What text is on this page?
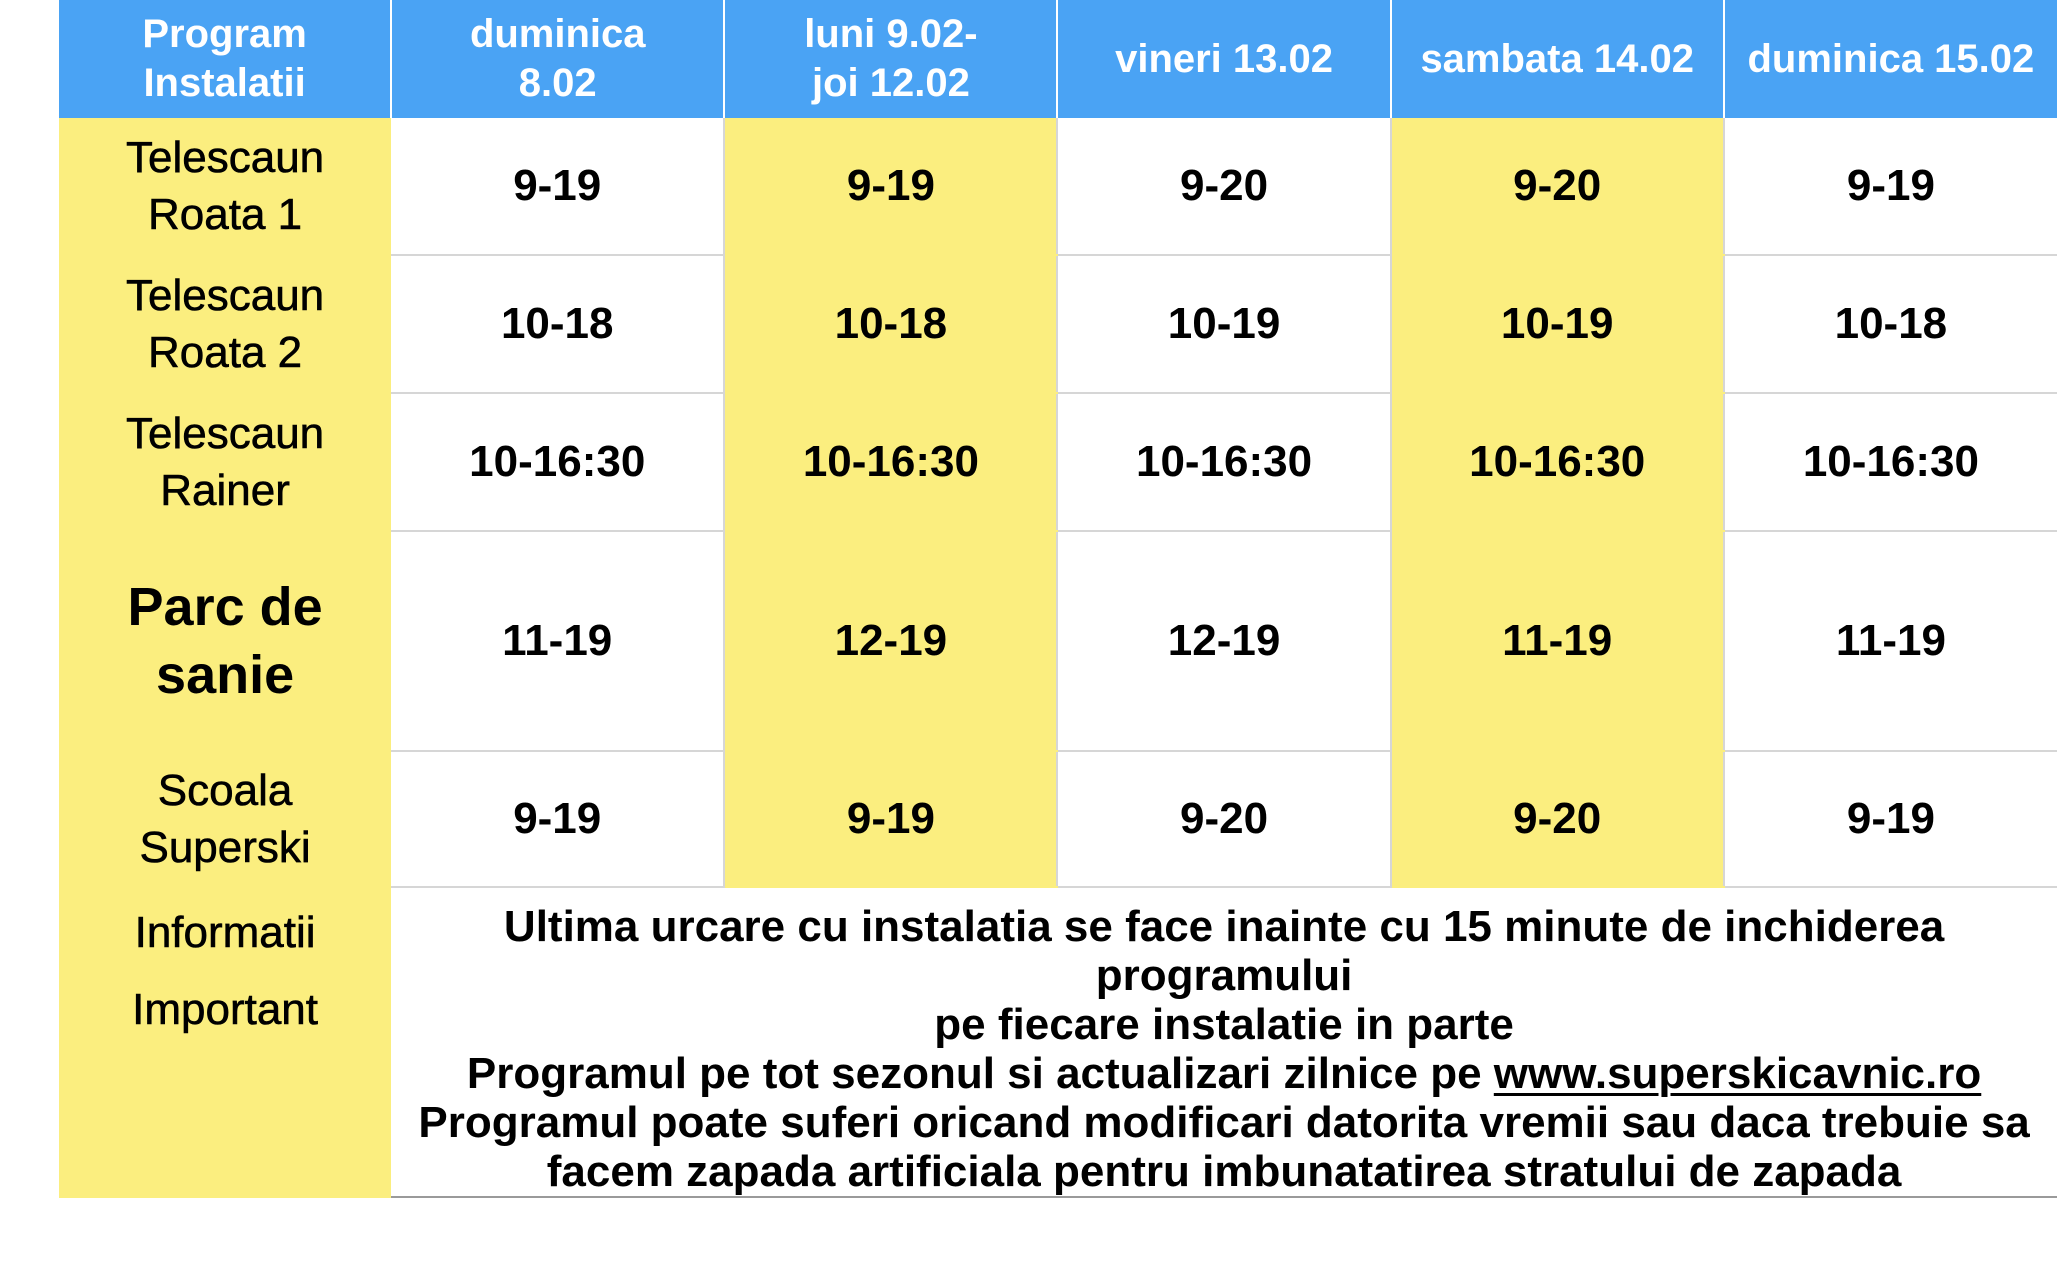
Program Instalatii	duminica 8.02	luni 9.02- joi 12.02	vineri 13.02	sambata 14.02	duminica 15.02

Telescaun
Roata 1	9-19	9-19	9-20	9-20	9-19

Telescaun
Roata 2	10-18	10-18	10-19	10-19	10-18

Telescaun
Rainer	10-16:30	10-16:30	10-16:30	10-16:30	10-16:30

Parc de
sanie	11-19	12-19	12-19	11-19	11-19

Scoala
Superski	9-19	9-19	9-20	9-20	9-19

Informatii
Important	Ultima urcare cu instalatia se face inainte cu 15 minute de inchiderea programului
pe fiecare instalatie in parte
Programul pe tot sezonul si actualizari zilnice pe www.superskicavnic.ro
Programul poate suferi oricand modificari datorita vremii sau daca trebuie sa
facem zapada artificiala pentru imbunatatirea stratului de zapada				
